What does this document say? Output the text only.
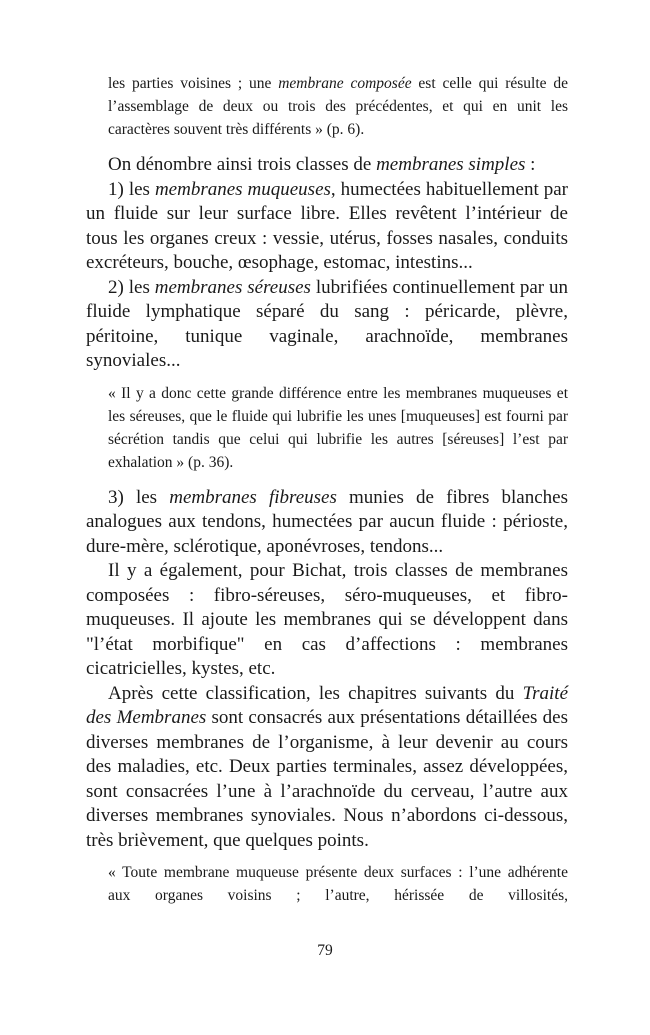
les parties voisines ; une membrane composée est celle qui résulte de l’assemblage de deux ou trois des précédentes, et qui en unit les caractères souvent très différents » (p. 6).
On dénombre ainsi trois classes de membranes simples :
1) les membranes muqueuses, humectées habituellement par un fluide sur leur surface libre. Elles revêtent l’intérieur de tous les organes creux : vessie, utérus, fosses nasales, conduits excréteurs, bouche, œsophage, estomac, intestins...
2) les membranes séreuses lubrifiées continuellement par un fluide lymphatique séparé du sang : péricarde, plèvre, péritoine, tunique vaginale, arachnoïde, membranes synoviales...
« Il y a donc cette grande différence entre les membranes muqueuses et les séreuses, que le fluide qui lubrifie les unes [muqueuses] est fourni par sécrétion tandis que celui qui lubrifie les autres [séreuses] l’est par exhalation » (p. 36).
3) les membranes fibreuses munies de fibres blanches analogues aux tendons, humectées par aucun fluide : périoste, dure-mère, sclérotique, aponévroses, tendons...
Il y a également, pour Bichat, trois classes de membranes composées : fibro-séreuses, séro-muqueuses, et fibro-muqueuses. Il ajoute les membranes qui se développent dans "l’état morbifique" en cas d’affections : membranes cicatricielles, kystes, etc.
Après cette classification, les chapitres suivants du Traité des Membranes sont consacrés aux présentations détaillées des diverses membranes de l’organisme, à leur devenir au cours des maladies, etc. Deux parties terminales, assez développées, sont consacrées l’une à l’arachnoïde du cerveau, l’autre aux diverses membranes synoviales. Nous n’abordons ci-dessous, très brièvement, que quelques points.
« Toute membrane muqueuse présente deux surfaces : l’une adhérente aux organes voisins ; l’autre, hérissée de villosités,
79
